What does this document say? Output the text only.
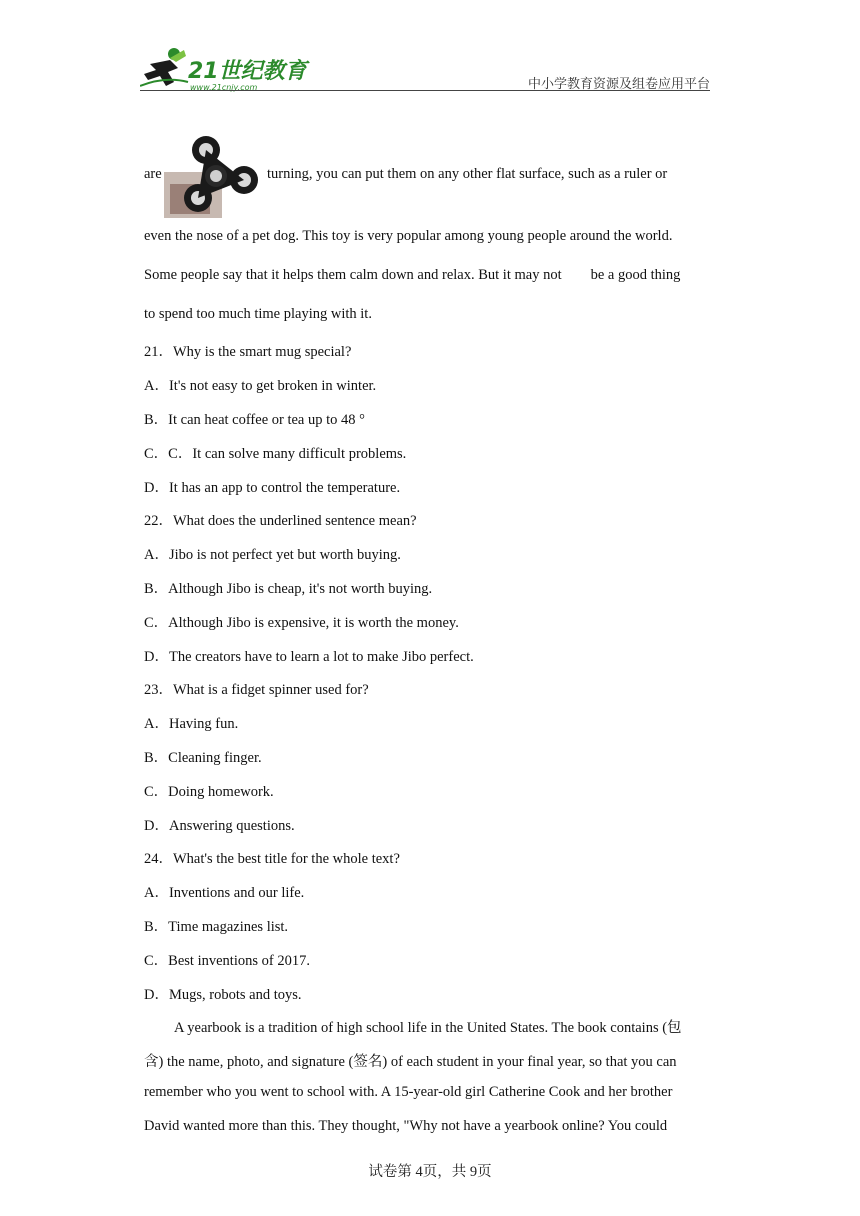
21世纪教育
www.21cnjy.com	中小学教育资源及组卷应用平台
are	turning, you can put them on any other flat surface, such as a ruler or
even the nose of a pet dog. This toy is very popular among young people around the world.
Some people say that it helps them calm down and relax. But it may not        be a good thing
to spend too much time playing with it.
21．Why is the smart mug special?
A．It's not easy to get broken in winter.
B．It can heat coffee or tea up to 48 °
C．C．It can solve many difficult problems.
D．It has an app to control the temperature.
22．What does the underlined sentence mean?
A．Jibo is not perfect yet but worth buying.
B．Although Jibo is cheap, it's not worth buying.
C．Although Jibo is expensive, it is worth the money.
D．The creators have to learn a lot to make Jibo perfect.
23．What is a fidget spinner used for?
A．Having fun.
B．Cleaning finger.
C．Doing homework.
D．Answering questions.
24．What's the best title for the whole text?
A．Inventions and our life.
B．Time magazines list.
C．Best inventions of 2017.
D．Mugs, robots and toys.
A yearbook is a tradition of high school life in the United States. The book contains (包
含) the name, photo, and signature (签名) of each student in your final year, so that you can
remember who you went to school with. A 15-year-old girl Catherine Cook and her brother
David wanted more than this. They thought, "Why not have a yearbook online? You could
试卷第 4页，共 9页
